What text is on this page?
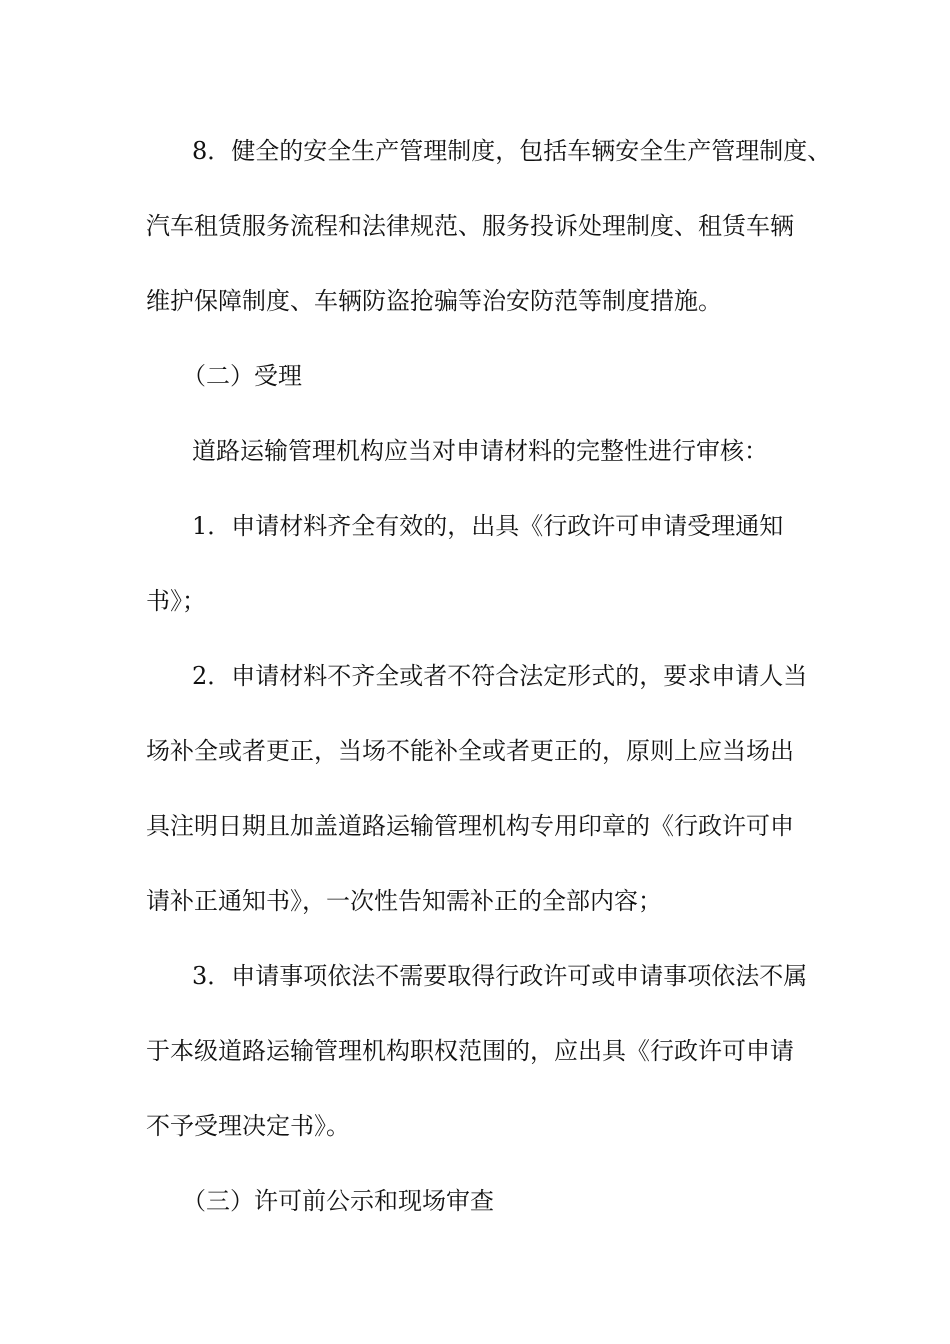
8．健全的安全生产管理制度，包括车辆安全生产管理制度、

汽车租赁服务流程和法律规范、服务投诉处理制度、租赁车辆

维护保障制度、车辆防盗抢骗等治安防范等制度措施。

（二）受理

道路运输管理机构应当对申请材料的完整性进行审核：

1．申请材料齐全有效的，出具《行政许可申请受理通知

书》；

2．申请材料不齐全或者不符合法定形式的，要求申请人当

场补全或者更正，当场不能补全或者更正的，原则上应当场出

具注明日期且加盖道路运输管理机构专用印章的《行政许可申

请补正通知书》，一次性告知需补正的全部内容；

3．申请事项依法不需要取得行政许可或申请事项依法不属

于本级道路运输管理机构职权范围的，应出具《行政许可申请

不予受理决定书》。

（三）许可前公示和现场审查
